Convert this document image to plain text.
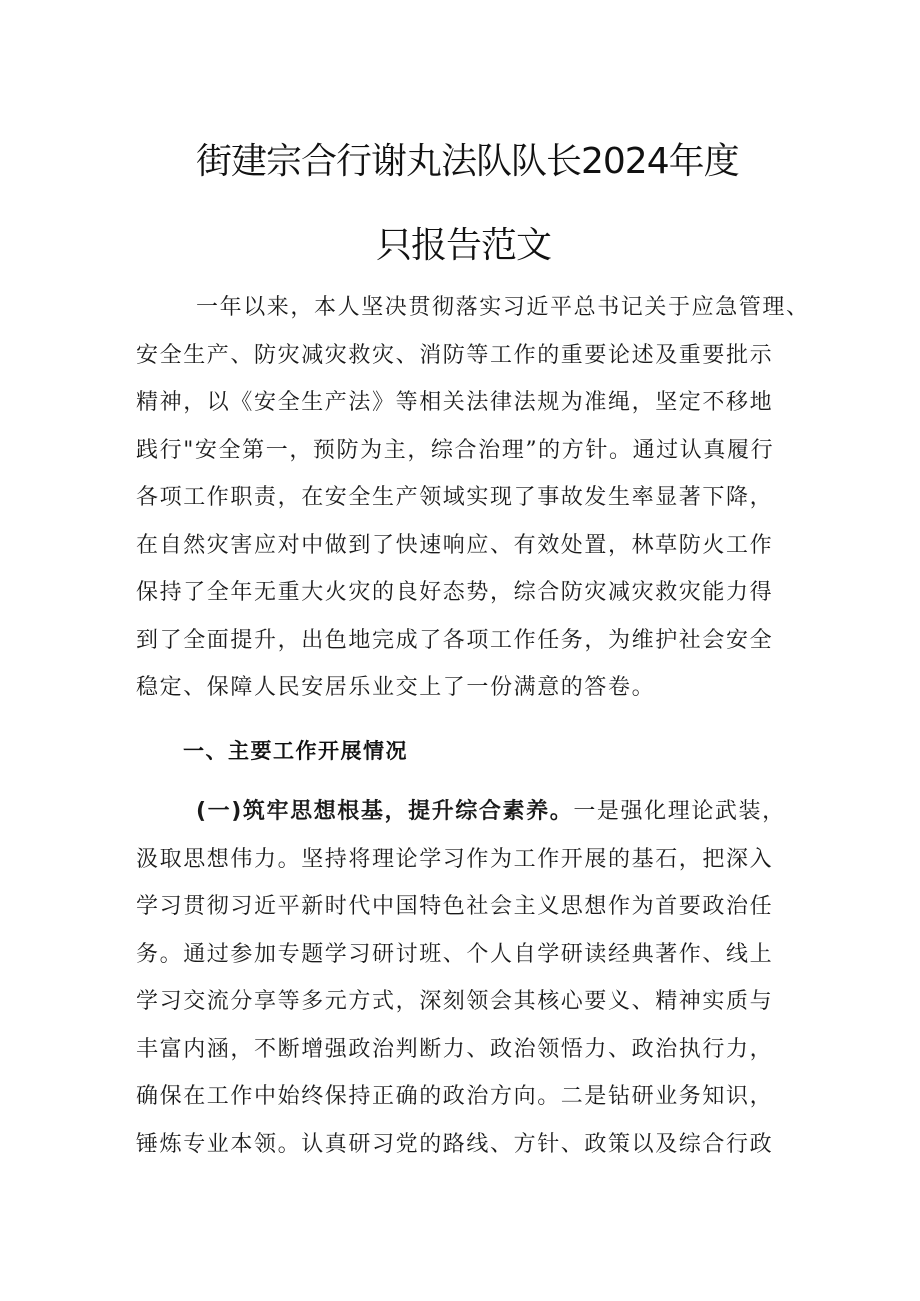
街建宗合行谢丸法队队长2024年度
只报告范文
一年以来，本人坚决贯彻落实习近平总书记关于应急管理、
安全生产、防灾减灾救灾、消防等工作的重要论述及重要批示
精神，以《安全生产法》等相关法律法规为准绳，坚定不移地
践行"安全第一，预防为主，综合治理”的方针。通过认真履行
各项工作职责，在安全生产领域实现了事故发生率显著下降，
在自然灾害应对中做到了快速响应、有效处置，林草防火工作
保持了全年无重大火灾的良好态势，综合防灾减灾救灾能力得
到了全面提升，出色地完成了各项工作任务，为维护社会安全
稳定、保障人民安居乐业交上了一份满意的答卷。
一、主要工作开展情况
(一)筑牢思想根基，提升综合素养。一是强化理论武装，
汲取思想伟力。坚持将理论学习作为工作开展的基石，把深入
学习贯彻习近平新时代中国特色社会主义思想作为首要政治任
务。通过参加专题学习研讨班、个人自学研读经典著作、线上
学习交流分享等多元方式，深刻领会其核心要义、精神实质与
丰富内涵，不断增强政治判断力、政治领悟力、政治执行力，
确保在工作中始终保持正确的政治方向。二是钻研业务知识，
锤炼专业本领。认真研习党的路线、方针、政策以及综合行政
